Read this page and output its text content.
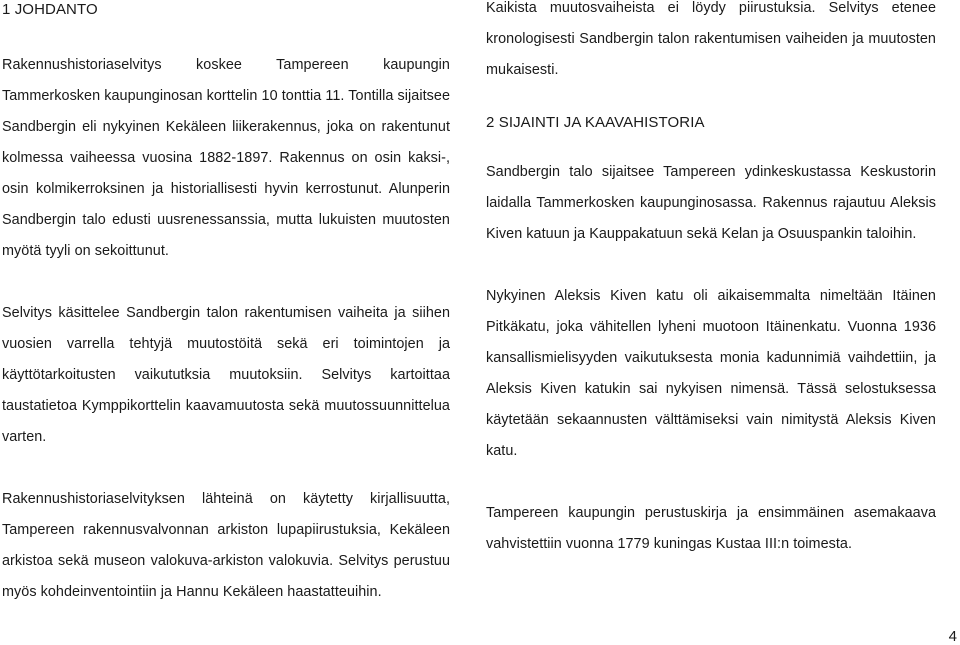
1 JOHDANTO

Rakennushistoriaselvitys koskee Tampereen kaupungin Tammerkosken kaupunginosan korttelin 10 tonttia 11. Tontilla sijaitsee Sandbergin eli nykyinen Kekäleen liikerakennus, joka on rakentunut kolmessa vaiheessa vuosina 1882-1897. Rakennus on osin kaksi-, osin kolmikerroksinen ja historiallisesti hyvin kerrostunut. Alunperin Sandbergin talo edusti uusrenessanssia, mutta lukuisten muutosten myötä tyyli on sekoittunut.

Selvitys käsittelee Sandbergin talon rakentumisen vaiheita ja siihen vuosien varrella tehtyjä muutostöitä sekä eri toimintojen ja käyttötarkoitusten vaikututksia muutoksiin. Selvitys kartoittaa taustatietoa Kymppikorttelin kaavamuutosta sekä muutossuunnittelua varten.

Rakennushistoriaselvityksen lähteinä on käytetty kirjallisuutta, Tampereen rakennusvalvonnan arkiston lupapiirustuksia, Kekäleen arkistoa sekä museon valokuva-arkiston valokuvia. Selvitys perustuu myös kohdeinventointiin ja Hannu Kekäleen haastatteuihin.

Kaikista muutosvaiheista ei löydy piirustuksia. Selvitys etenee kronologisesti Sandbergin talon rakentumisen vaiheiden ja muutosten mukaisesti.

2 SIJAINTI JA KAAVAHISTORIA

Sandbergin talo sijaitsee Tampereen ydinkeskustassa Keskustorin laidalla Tammerkosken kaupunginosassa. Rakennus rajautuu Aleksis Kiven katuun ja Kauppakatuun sekä Kelan ja Osuuspankin taloihin.

Nykyinen Aleksis Kiven katu oli aikaisemmalta nimeltään Itäinen Pitkäkatu, joka vähitellen lyheni muotoon Itäinenkatu. Vuonna 1936 kansallismielisyyden vaikutuksesta monia kadunnimiä vaihdettiin, ja Aleksis Kiven katukin sai nykyisen nimensä. Tässä selostuksessa käytetään sekaannusten välttämiseksi vain nimitystä Aleksis Kiven katu.

Tampereen kaupungin perustuskirja ja ensimmäinen asemakaava vahvistettiin vuonna 1779 kuningas Kustaa III:n toimesta.

4
